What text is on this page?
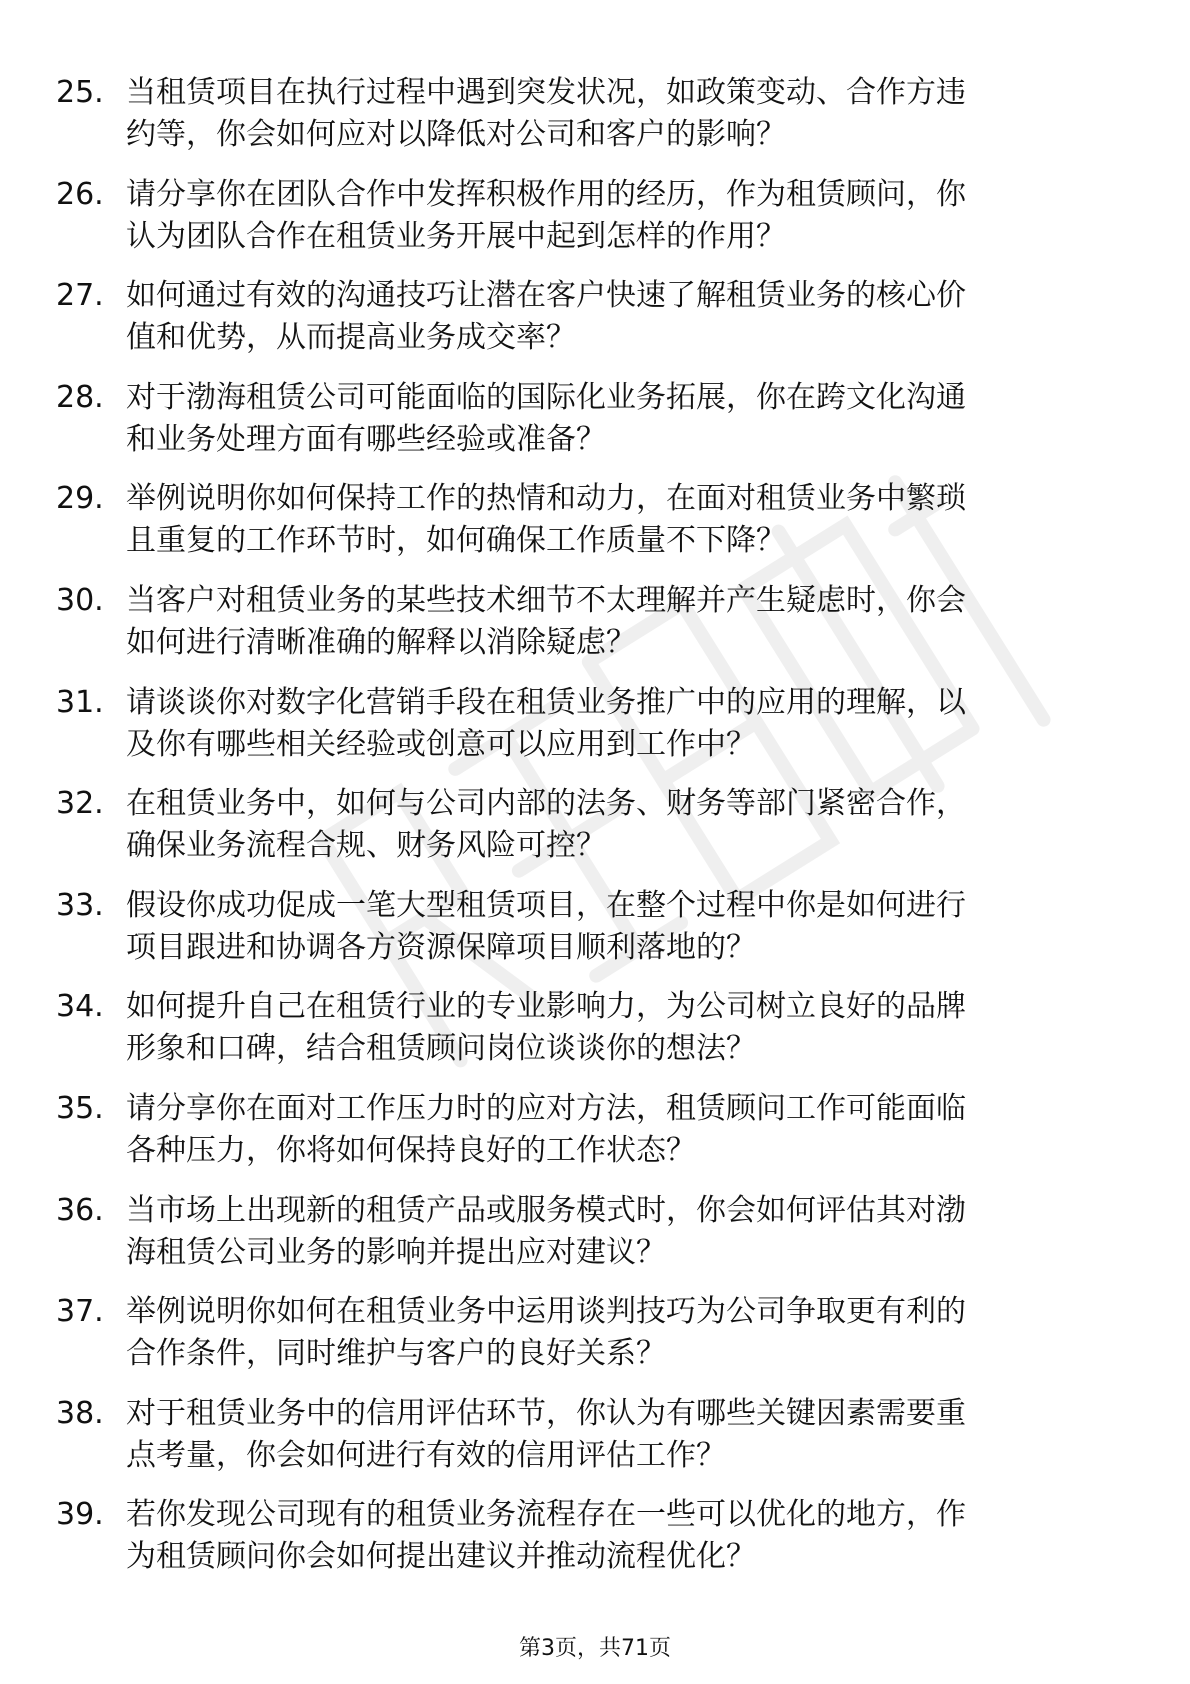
25. 当租赁项目在执行过程中遇到突发状况，如政策变动、合作方违
约等，你会如何应对以降低对公司和客户的影响？
26. 请分享你在团队合作中发挥积极作用的经历，作为租赁顾问，你
认为团队合作在租赁业务开展中起到怎样的作用？
27. 如何通过有效的沟通技巧让潜在客户快速了解租赁业务的核心价
值和优势，从而提高业务成交率？
28. 对于渤海租赁公司可能面临的国际化业务拓展，你在跨文化沟通
和业务处理方面有哪些经验或准备？
29. 举例说明你如何保持工作的热情和动力，在面对租赁业务中繁琐
且重复的工作环节时，如何确保工作质量不下降？
30. 当客户对租赁业务的某些技术细节不太理解并产生疑虑时，你会
如何进行清晰准确的解释以消除疑虑？
31. 请谈谈你对数字化营销手段在租赁业务推广中的应用的理解，以
及你有哪些相关经验或创意可以应用到工作中？
32. 在租赁业务中，如何与公司内部的法务、财务等部门紧密合作，
确保业务流程合规、财务风险可控？
33. 假设你成功促成一笔大型租赁项目，在整个过程中你是如何进行
项目跟进和协调各方资源保障项目顺利落地的？
34. 如何提升自己在租赁行业的专业影响力，为公司树立良好的品牌
形象和口碑，结合租赁顾问岗位谈谈你的想法？
35. 请分享你在面对工作压力时的应对方法，租赁顾问工作可能面临
各种压力，你将如何保持良好的工作状态？
36. 当市场上出现新的租赁产品或服务模式时，你会如何评估其对渤
海租赁公司业务的影响并提出应对建议？
37. 举例说明你如何在租赁业务中运用谈判技巧为公司争取更有利的
合作条件，同时维护与客户的良好关系？
38. 对于租赁业务中的信用评估环节，你认为有哪些关键因素需要重
点考量，你会如何进行有效的信用评估工作？
39. 若你发现公司现有的租赁业务流程存在一些可以优化的地方，作
为租赁顾问你会如何提出建议并推动流程优化？
第3页，共71页
